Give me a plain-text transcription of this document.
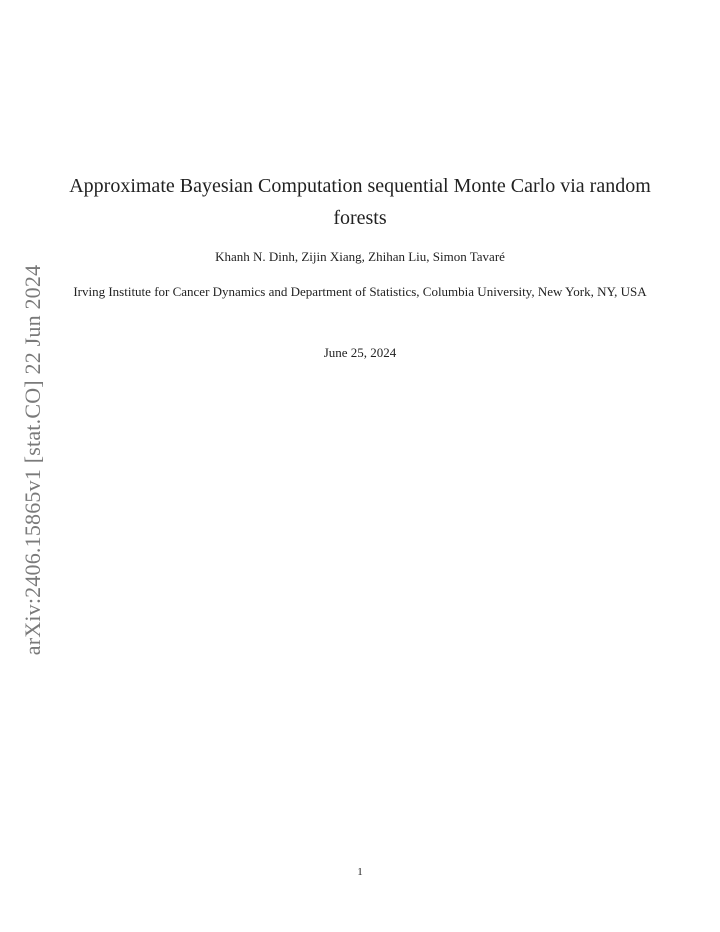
arXiv:2406.15865v1 [stat.CO] 22 Jun 2024
Approximate Bayesian Computation sequential Monte Carlo via random forests
Khanh N. Dinh, Zijin Xiang, Zhihan Liu, Simon Tavaré
Irving Institute for Cancer Dynamics and Department of Statistics, Columbia University, New York, NY, USA
June 25, 2024
1
